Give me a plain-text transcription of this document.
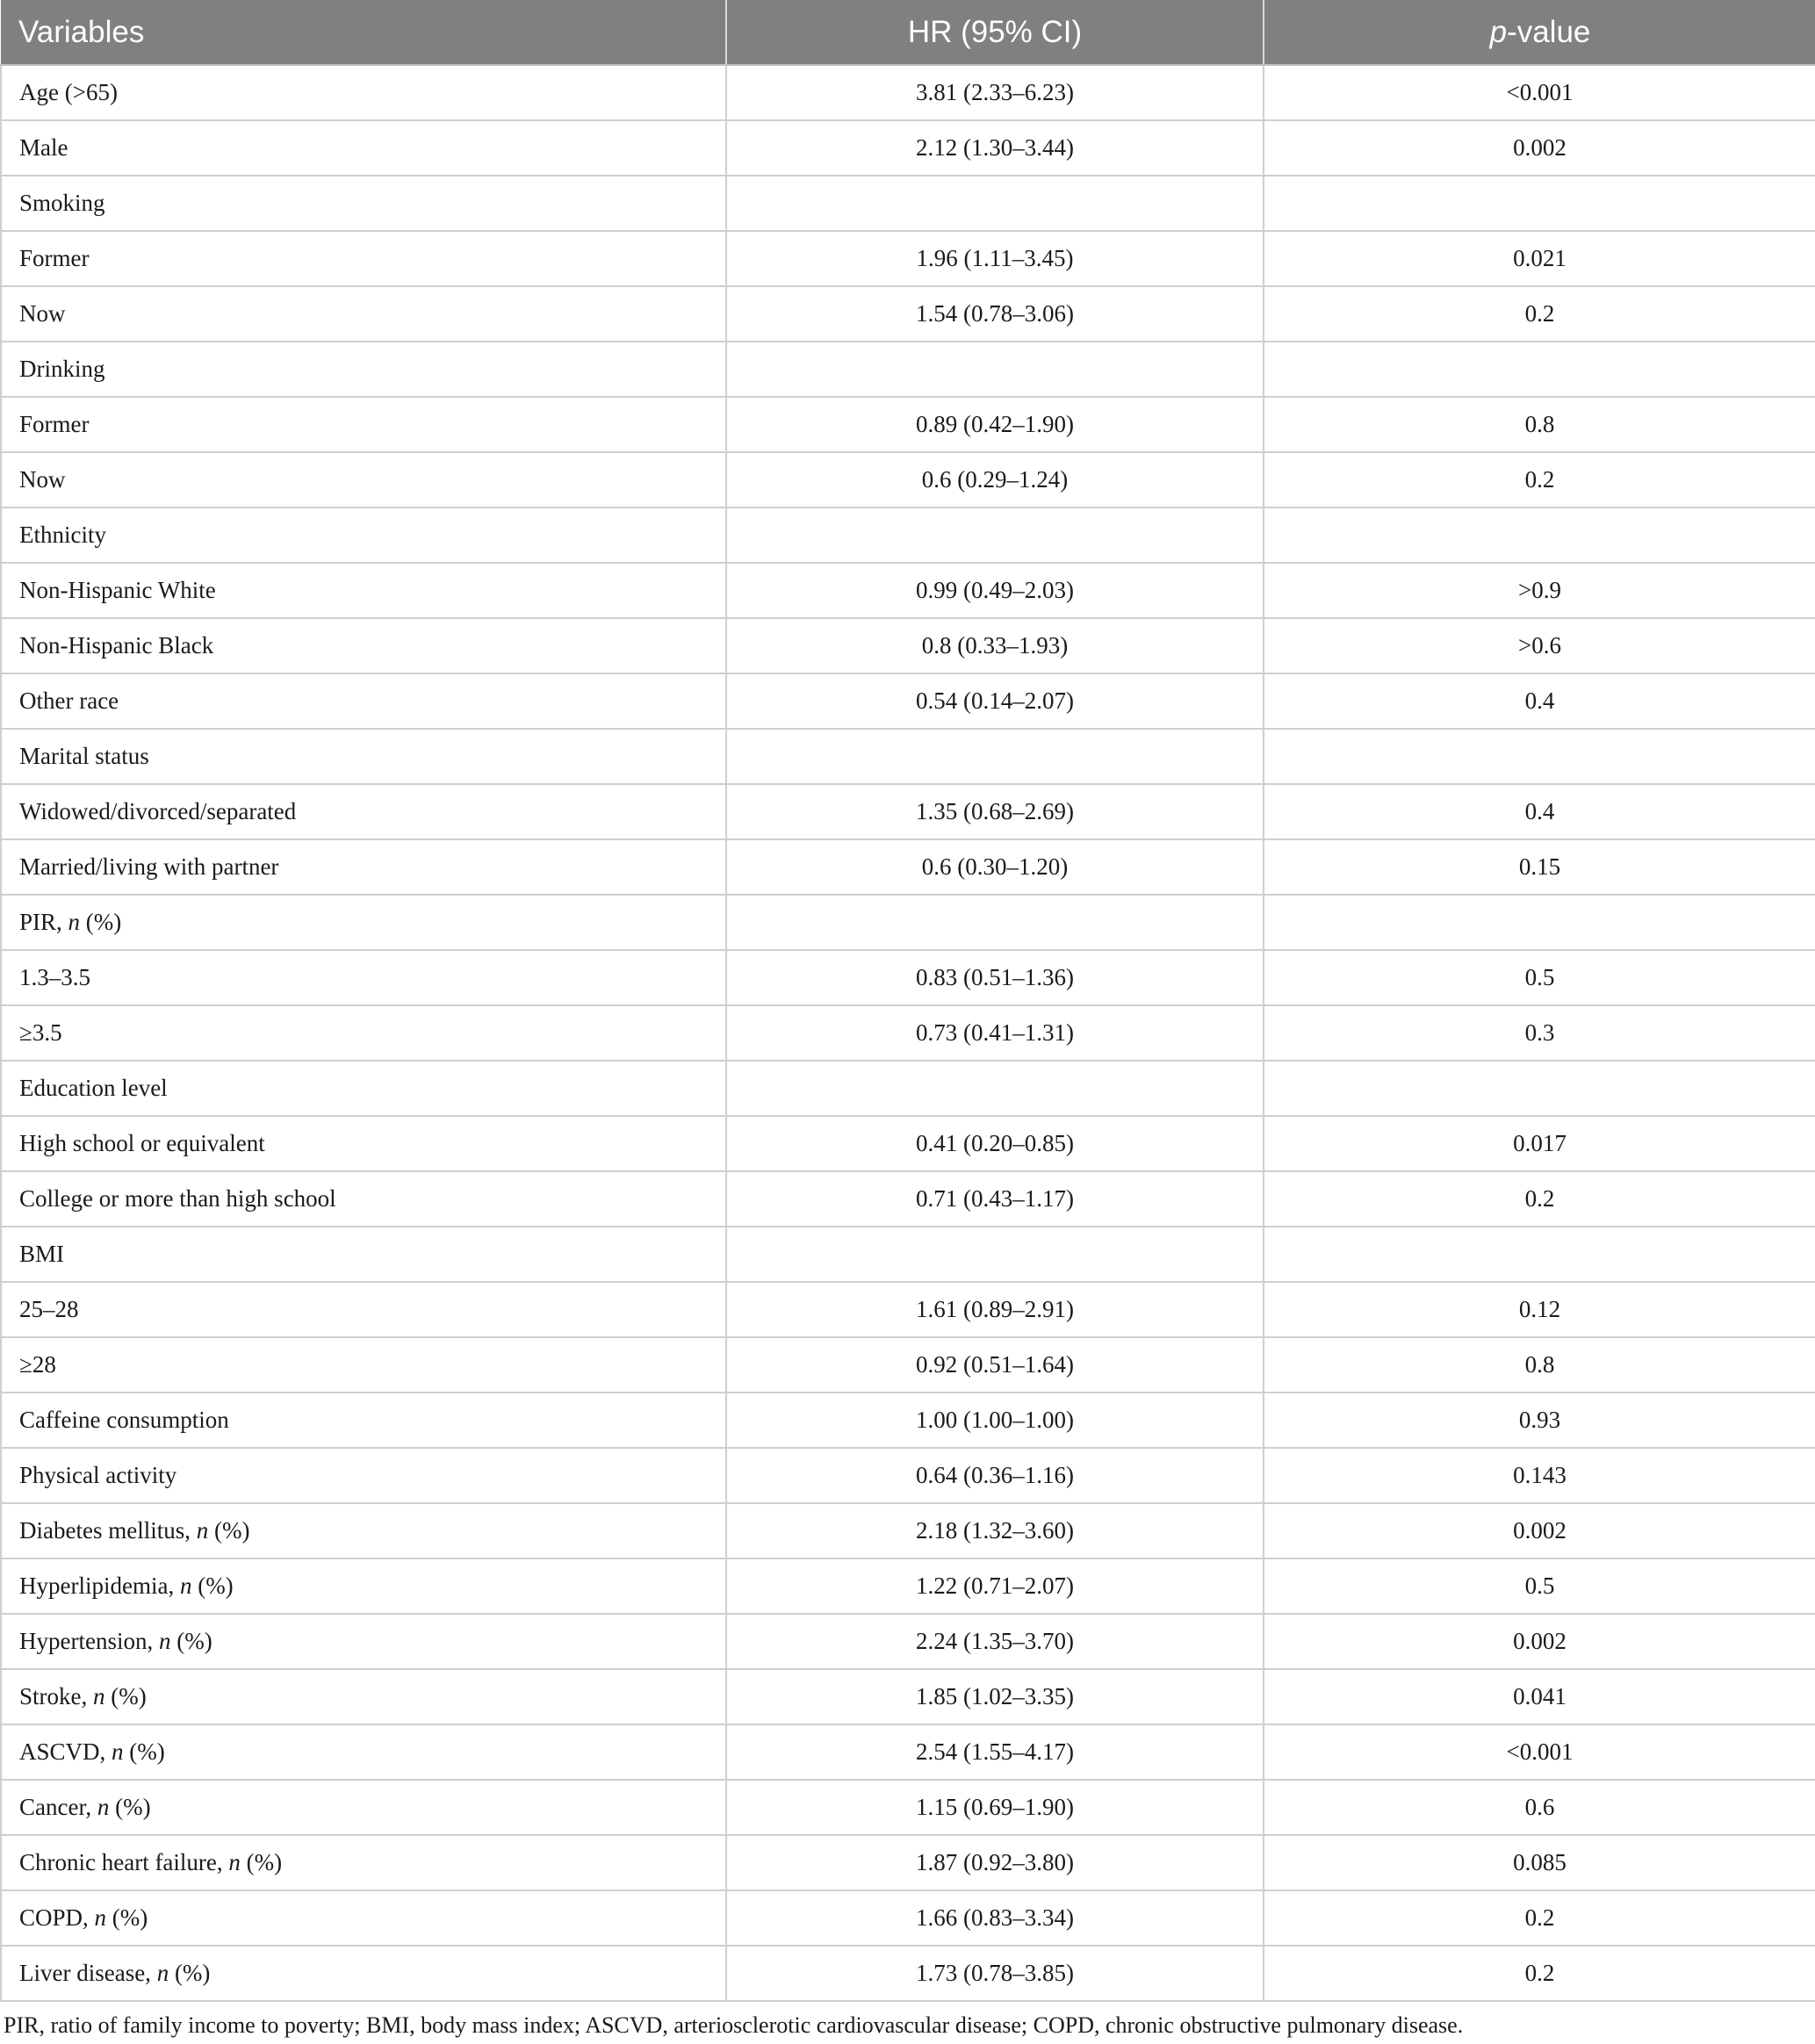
Variables	HR (95% CI)	p-value
Age (>65)	3.81 (2.33–6.23)	<0.001
Male	2.12 (1.30–3.44)	0.002
Smoking		
Former	1.96 (1.11–3.45)	0.021
Now	1.54 (0.78–3.06)	0.2
Drinking		
Former	0.89 (0.42–1.90)	0.8
Now	0.6 (0.29–1.24)	0.2
Ethnicity		
Non-Hispanic White	0.99 (0.49–2.03)	>0.9
Non-Hispanic Black	0.8 (0.33–1.93)	>0.6
Other race	0.54 (0.14–2.07)	0.4
Marital status		
Widowed/divorced/separated	1.35 (0.68–2.69)	0.4
Married/living with partner	0.6 (0.30–1.20)	0.15
PIR, n (%)		
1.3–3.5	0.83 (0.51–1.36)	0.5
≥3.5	0.73 (0.41–1.31)	0.3
Education level		
High school or equivalent	0.41 (0.20–0.85)	0.017
College or more than high school	0.71 (0.43–1.17)	0.2
BMI		
25–28	1.61 (0.89–2.91)	0.12
≥28	0.92 (0.51–1.64)	0.8
Caffeine consumption	1.00 (1.00–1.00)	0.93
Physical activity	0.64 (0.36–1.16)	0.143
Diabetes mellitus, n (%)	2.18 (1.32–3.60)	0.002
Hyperlipidemia, n (%)	1.22 (0.71–2.07)	0.5
Hypertension, n (%)	2.24 (1.35–3.70)	0.002
Stroke, n (%)	1.85 (1.02–3.35)	0.041
ASCVD, n (%)	2.54 (1.55–4.17)	<0.001
Cancer, n (%)	1.15 (0.69–1.90)	0.6
Chronic heart failure, n (%)	1.87 (0.92–3.80)	0.085
COPD, n (%)	1.66 (0.83–3.34)	0.2
Liver disease, n (%)	1.73 (0.78–3.85)	0.2
PIR, ratio of family income to poverty; BMI, body mass index; ASCVD, arteriosclerotic cardiovascular disease; COPD, chronic obstructive pulmonary disease.
